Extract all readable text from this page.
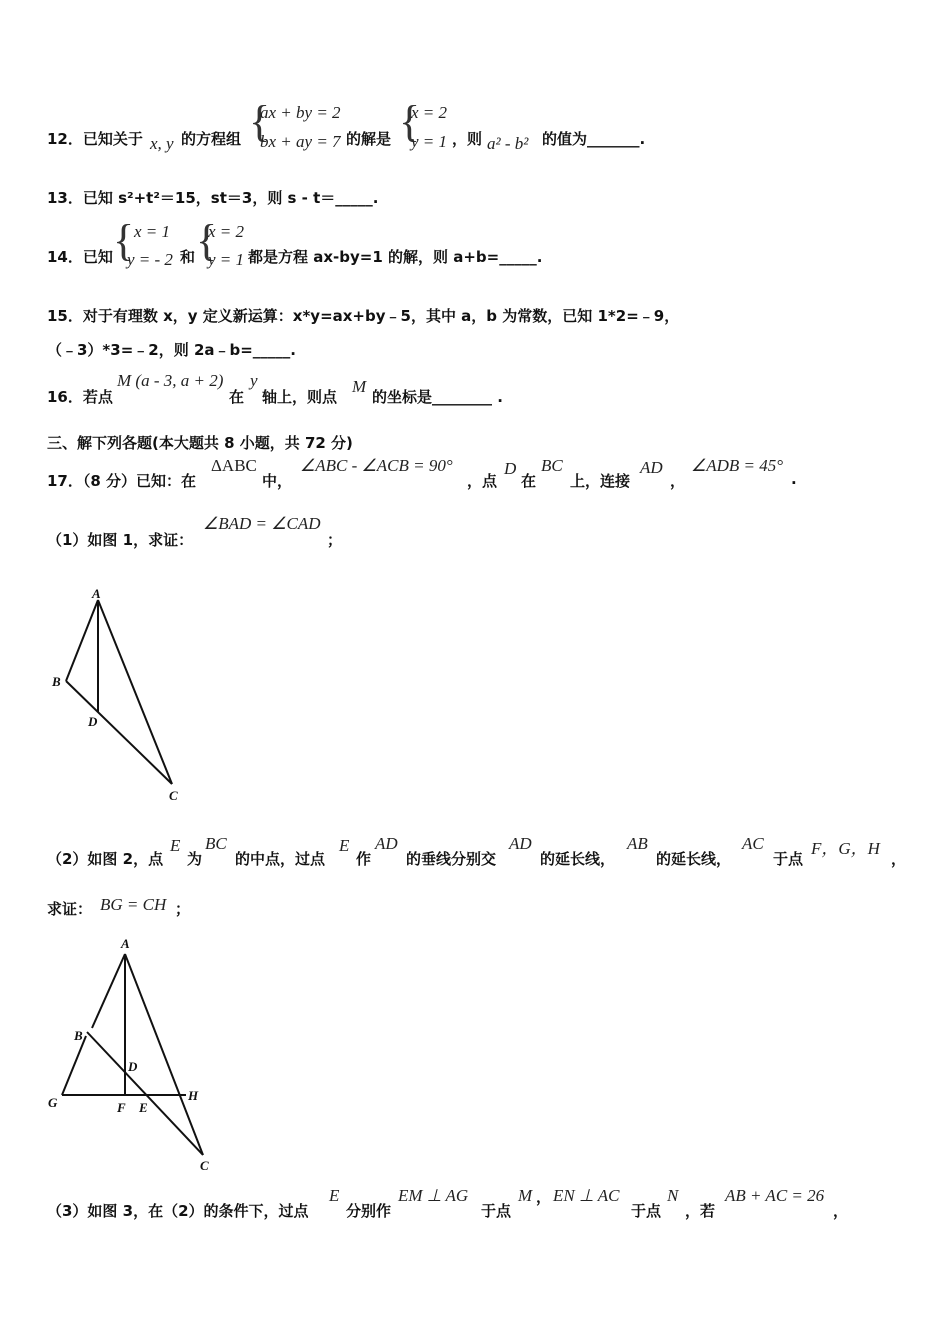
12．已知关于 x, y 的方程组 {
ax + by = 2
bx + ay = 7 的解是 {
x = 2
y = 1 ，则 a² - b² 的值为_______.
13．已知 s²+t²＝15，st＝3，则 s - t＝_____.
14．已知 { x = 1
y = - 2 和 {
x = 2
y = 1 都是方程 ax-by=1 的解，则 a+b=_____.
15．对于有理数 x，y 定义新运算：x*y=ax+by﹣5，其中 a，b 为常数，已知 1*2=﹣9，
（﹣3）*3=﹣2，则 2a﹣b=_____.
16．若点
M (a - 3, a + 2)
在
y
轴上，则点
M
的坐标是________ .
三、解下列各题(本大题共 8 小题，共 72 分)
17．（8 分）已知：在
ΔABC
中，
∠ABC - ∠ACB = 90°
，点
D
在
BC
上，连接
AD
，
∠ADB = 45°
.
（1）如图 1，求证：
∠BAD = ∠CAD
；
A
B
D
C
（2）如图 2，点
E
为
BC
的中点，过点
E
作
AD
的垂线分别交
AD
的延长线，
AB
的延长线，
AC
于点
F，G，H
，
求证： BG = CH ；
A
B
D
G	F E
H
C
（3）如图 3，在（2）的条件下，过点
E
分别作
EM ⊥ AG
于点
M ， EN ⊥ AC
于点
N
，若
AB + AC = 26
，
